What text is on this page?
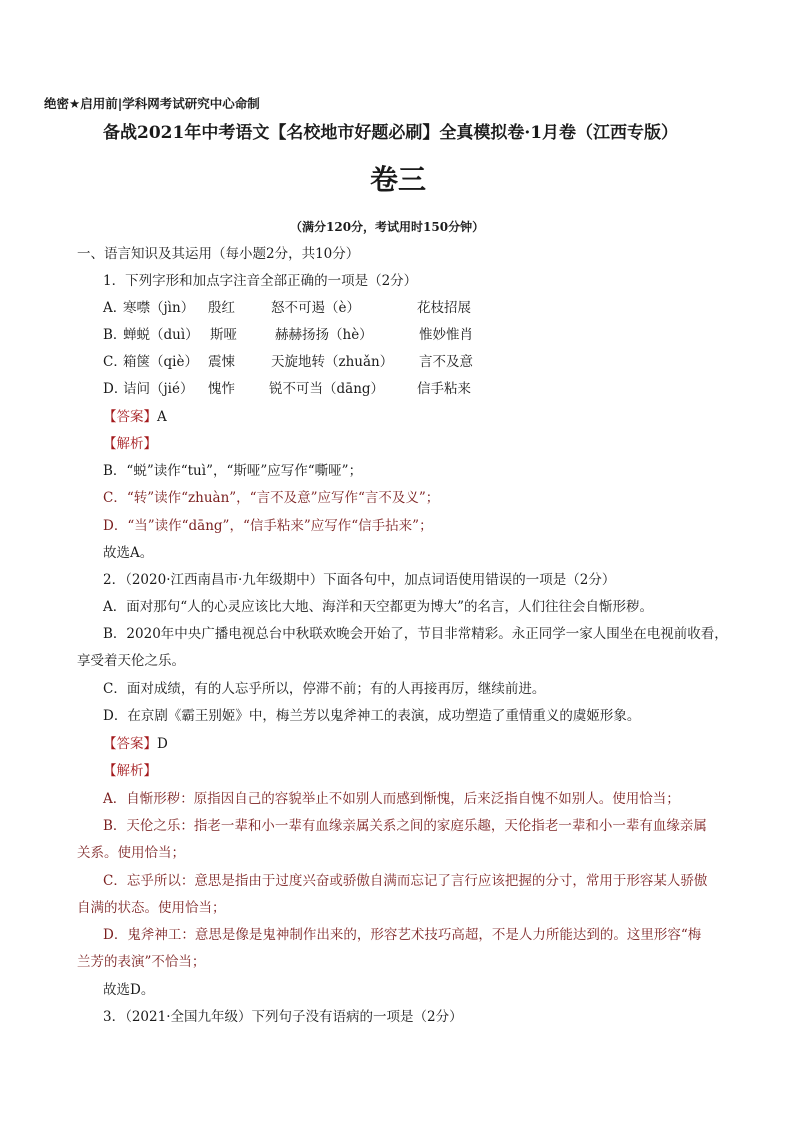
绝密★启用前|学科网考试研究中心命制
备战2021年中考语文【名校地市好题必刷】全真模拟卷·1月卷（江西专版）
卷三
（满分120分，考试用时150分钟）
一、语言知识及其运用（每小题2分，共10分）
1．下列字形和加点字注音全部正确的一项是（2分）
A．
寒噤（jìn） 殷红	怒不可遏（è）	花枝招展
B．
蝉蜕（duì） 斯哑	赫赫扬扬（hè）	惟妙惟肖
C．
箱箧（qiè） 震悚	天旋地转（zhuǎn） 言不及意
D．
诘问（jié） 愧怍	锐不可当（dāng） 信手粘来
【答案】A
【解析】
B．“蜕”读作“tuì”，“斯哑”应写作“嘶哑”；
C．“转”读作“zhuàn”，“言不及意”应写作“言不及义”；
D．“当”读作“dāng”，“信手粘来”应写作“信手拈来”；
故选A。
2．（2020·江西南昌市·九年级期中）下面各句中，加点词语使用错误的一项是（2分）
A．面对那句“人的心灵应该比大地、海洋和天空都更为博大”的名言，人们往往会自惭形秽。
B．2020年中央广播电视总台中秋联欢晚会开始了，节目非常精彩。永正同学一家人围坐在电视前收看，
享受着天伦之乐。
C．面对成绩，有的人忘乎所以，停滞不前；有的人再接再厉，继续前进。
D．在京剧《霸王别姬》中，梅兰芳以鬼斧神工的表演，成功塑造了重情重义的虞姬形象。
【答案】D
【解析】
A．自惭形秽：原指因自己的容貌举止不如别人而感到惭愧，后来泛指自愧不如别人。使用恰当；
B．天伦之乐：指老一辈和小一辈有血缘亲属关系之间的家庭乐趣，天伦指老一辈和小一辈有血缘亲属
关系。使用恰当；
C．忘乎所以：意思是指由于过度兴奋或骄傲自满而忘记了言行应该把握的分寸，常用于形容某人骄傲
自满的状态。使用恰当；
D．鬼斧神工：意思是像是鬼神制作出来的，形容艺术技巧高超，不是人力所能达到的。这里形容“梅
兰芳的表演”不恰当；
故选D。
3．（2021·全国九年级）下列句子没有语病的一项是（2分）
